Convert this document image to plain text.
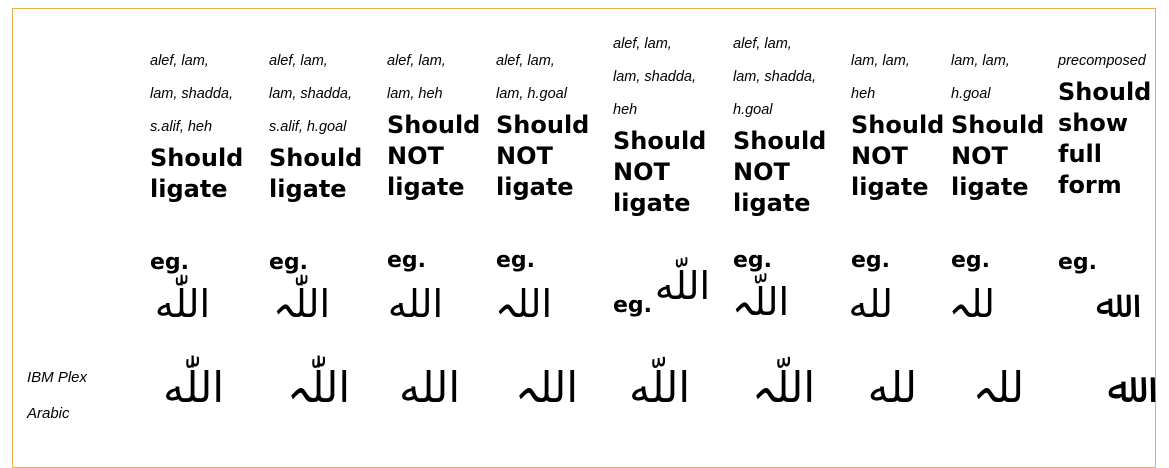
alef, lam,
lam, shadda,
s.alif, heh
Should
ligate
eg.
اللّٰه
اللّٰه
alef, lam,
lam, shadda,
s.alif, h.goal
Should
ligate
eg.
اللّٰہ
اللّٰہ
alef, lam,
lam, heh
Should
NOT
ligate
eg.
الله
الله
alef, lam,
lam, h.goal
Should
NOT
ligate
eg.
اللہ
اللہ
alef, lam,
lam, shadda,
heh
Should
NOT
ligate
eg. اللّه
اللّه
alef, lam,
lam, shadda,
h.goal
Should
NOT
ligate
eg.
اللّہ
اللّہ
lam, lam,
heh
Should
NOT
ligate
eg.
لله
لله
lam, lam,
h.goal
Should
NOT
ligate
eg.
للہ
للہ
precomposed
Should
show
full
form
eg.
ﷲ
ﷲ
IBM Plex
Arabic
